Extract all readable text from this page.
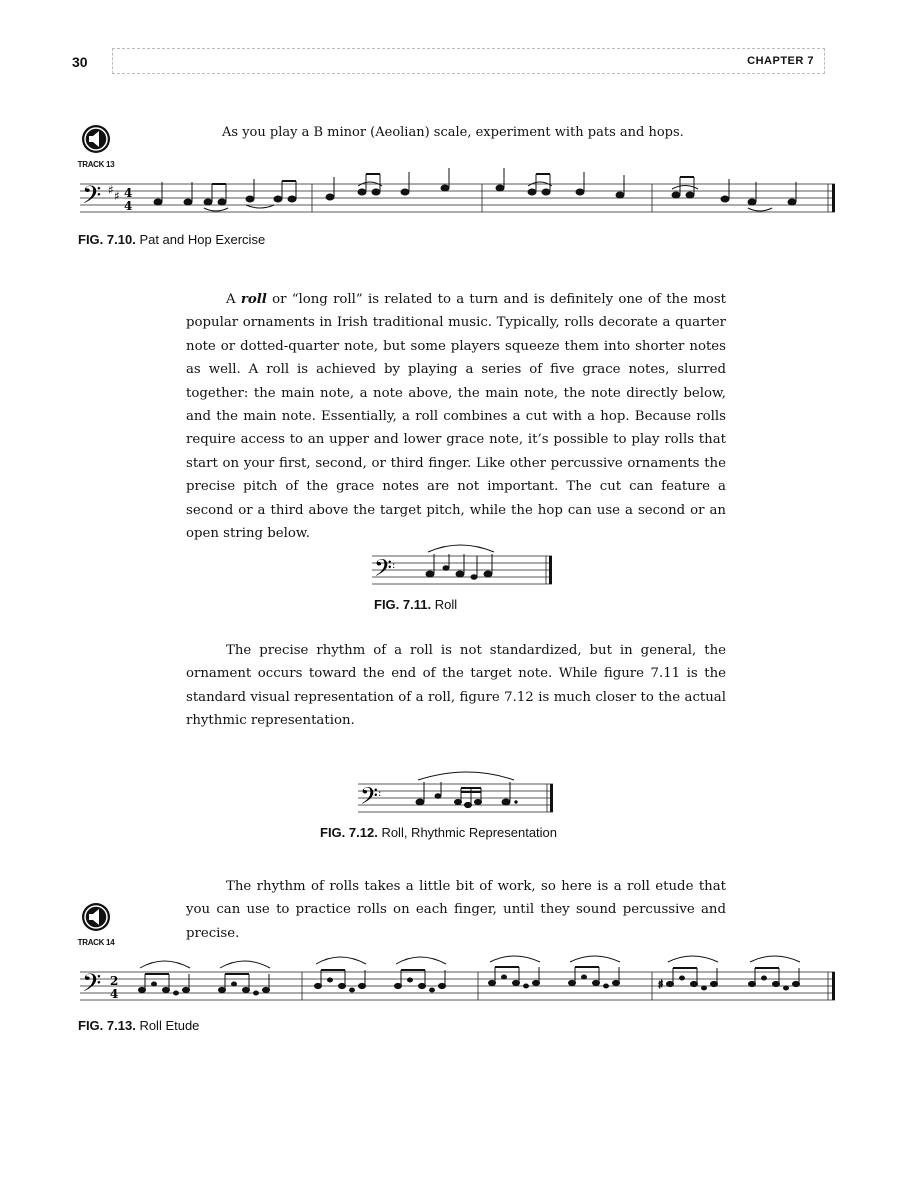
30	CHAPTER 7
TRACK 13
As you play a B minor (Aeolian) scale, experiment with pats and hops.
𝄢 ♯ ♯ 4
4
FIG. 7.10. Pat and Hop Exercise

A roll or “long roll” is related to a turn and is definitely one of the most popular ornaments in Irish traditional music. Typically, rolls decorate a quarter note or dotted-quarter note, but some players squeeze them into shorter notes as well. A roll is achieved by playing a series of five grace notes, slurred together: the main note, a note above, the main note, the note directly below, and the main note. Essentially, a roll combines a cut with a hop. Because rolls require access to an upper and lower grace note, it’s possible to play rolls that start on your first, second, or third finger. Like other percussive ornaments the precise pitch of the grace notes are not important. The cut can feature a second or a third above the target pitch, while the hop can use a second or an open string below.

𝄢 :
FIG. 7.11. Roll

The precise rhythm of a roll is not standardized, but in general, the ornament occurs toward the end of the target note. While figure 7.11 is the standard visual representation of a roll, figure 7.12 is much closer to the actual rhythmic representation.

𝄢 :
FIG. 7.12. Roll, Rhythmic Representation

The rhythm of rolls takes a little bit of work, so here is a roll etude that you can use to practice rolls on each finger, until they sound percussive and precise.

TRACK 14
𝄢 2
4
♯
FIG. 7.13. Roll Etude
